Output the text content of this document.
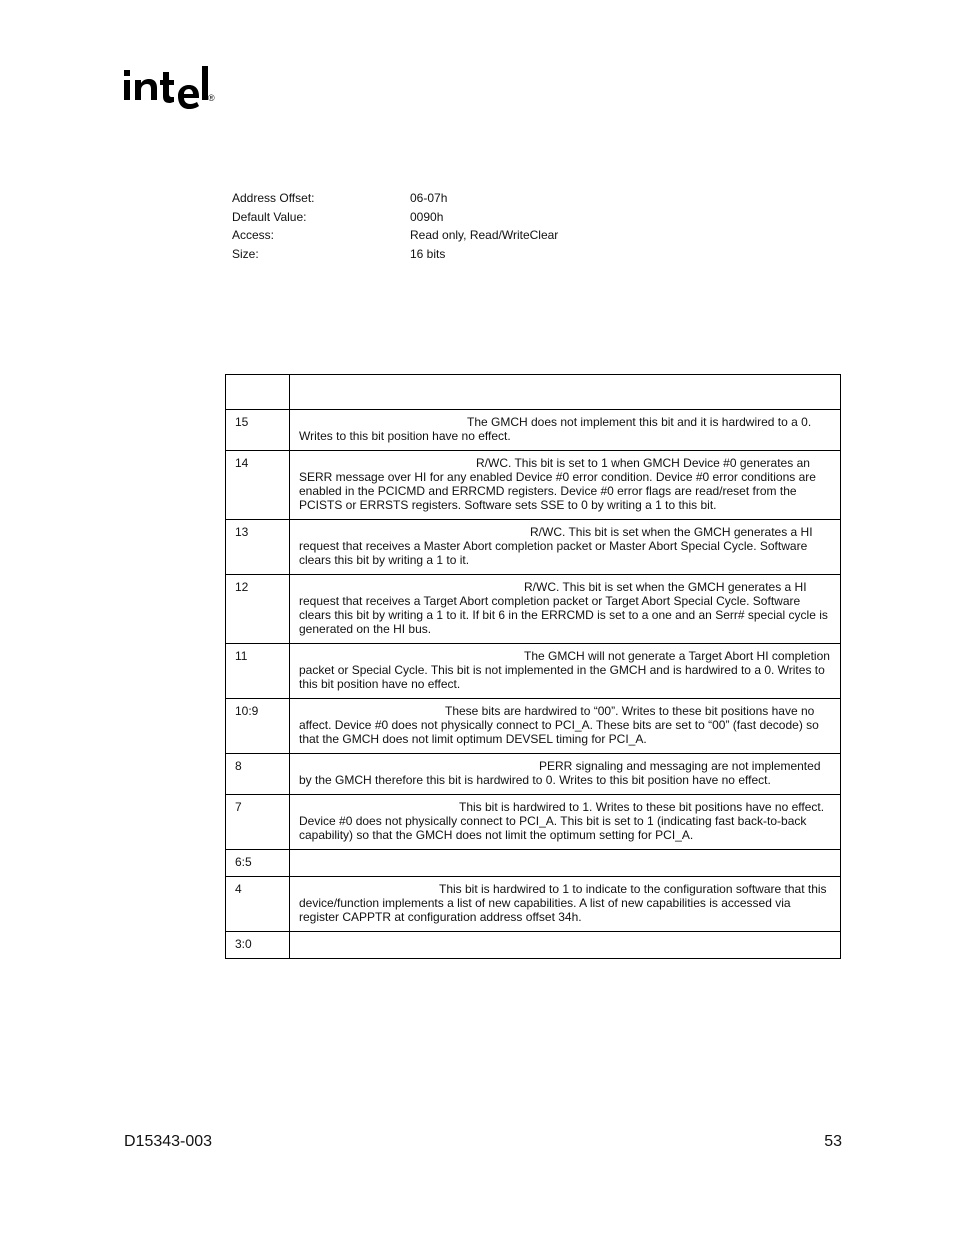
®
Address Offset:	06-07h
Default Value:	0090h
Access:	Read only, Read/WriteClear
Size:	16 bits

15	The GMCH does not implement this bit and it is hardwired to a 0. Writes to this bit position have no effect.
14	R/WC. This bit is set to 1 when GMCH Device #0 generates an SERR message over HI for any enabled Device #0 error condition. Device #0 error conditions are enabled in the PCICMD and ERRCMD registers. Device #0 error flags are read/reset from the PCISTS or ERRSTS registers. Software sets SSE to 0 by writing a 1 to this bit.
13	R/WC. This bit is set when the GMCH generates a HI request that receives a Master Abort completion packet or Master Abort Special Cycle. Software clears this bit by writing a 1 to it.
12	R/WC. This bit is set when the GMCH generates a HI request that receives a Target Abort completion packet or Target Abort Special Cycle. Software clears this bit by writing a 1 to it. If bit 6 in the ERRCMD is set to a one and an Serr# special cycle is generated on the HI bus.
11	The GMCH will not generate a Target Abort HI completion packet or Special Cycle. This bit is not implemented in the GMCH and is hardwired to a 0. Writes to this bit position have no effect.
10:9	These bits are hardwired to “00”. Writes to these bit positions have no affect. Device #0 does not physically connect to PCI_A. These bits are set to “00” (fast decode) so that the GMCH does not limit optimum DEVSEL timing for PCI_A.
8	PERR signaling and messaging are not implemented by the GMCH therefore this bit is hardwired to 0. Writes to this bit position have no effect.
7	This bit is hardwired to 1. Writes to these bit positions have no effect. Device #0 does not physically connect to PCI_A. This bit is set to 1 (indicating fast back-to-back capability) so that the GMCH does not limit the optimum setting for PCI_A.
6:5	
4	This bit is hardwired to 1 to indicate to the configuration software that this device/function implements a list of new capabilities. A list of new capabilities is accessed via register CAPPTR at configuration address offset 34h.
3:0	
D15343-003	53
